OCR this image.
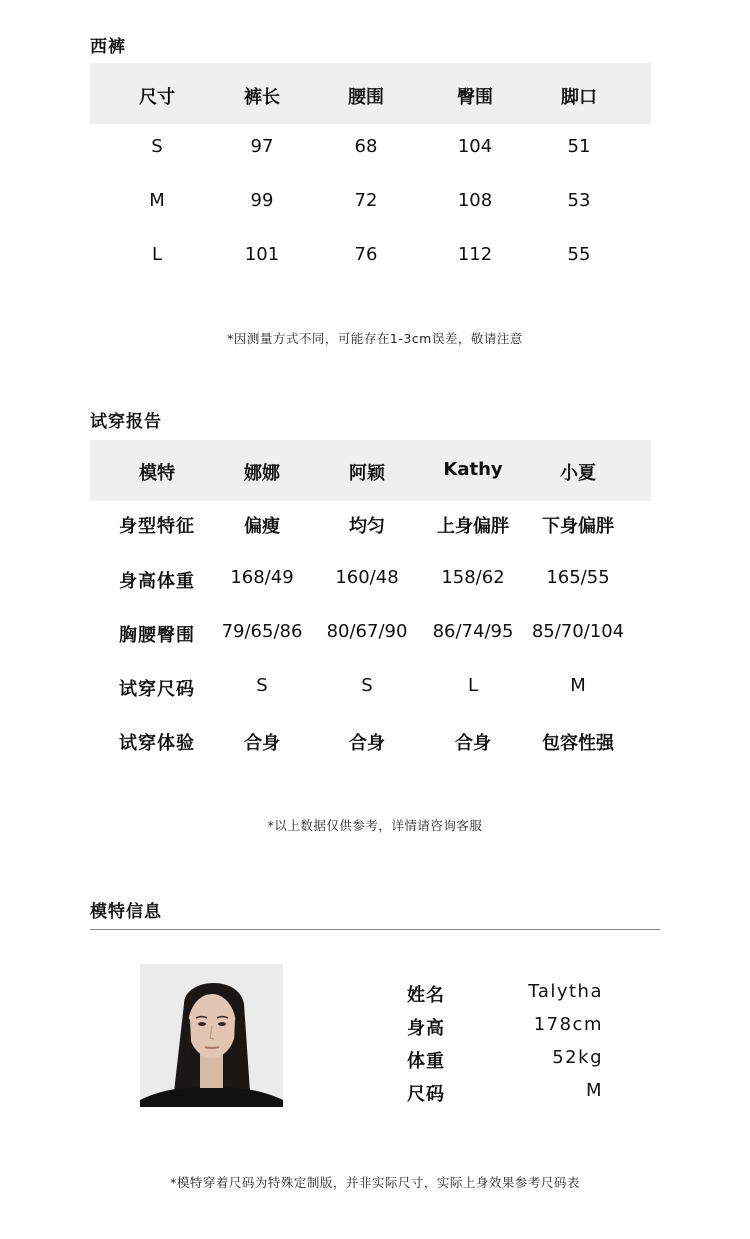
西裤
尺寸	裤长	腰围	臀围	脚口
S	97	68	104	51
M	99	72	108	53
L	101	76	112	55
*因测量方式不同，可能存在1-3cm误差，敬请注意
试穿报告
模特	娜娜	阿颖	Kathy	小夏
身型特征	偏瘦	均匀	上身偏胖	下身偏胖
身高体重	168/49	160/48	158/62	165/55
胸腰臀围	79/65/86	80/67/90	86/74/95	85/70/104
试穿尺码	S	S	L	M
试穿体验	合身	合身	合身	包容性强
*以上数据仅供参考，详情请咨询客服
模特信息
姓名	Talytha
身高	178cm
体重	52kg
尺码	M
*模特穿着尺码为特殊定制版，并非实际尺寸，实际上身效果参考尺码表
